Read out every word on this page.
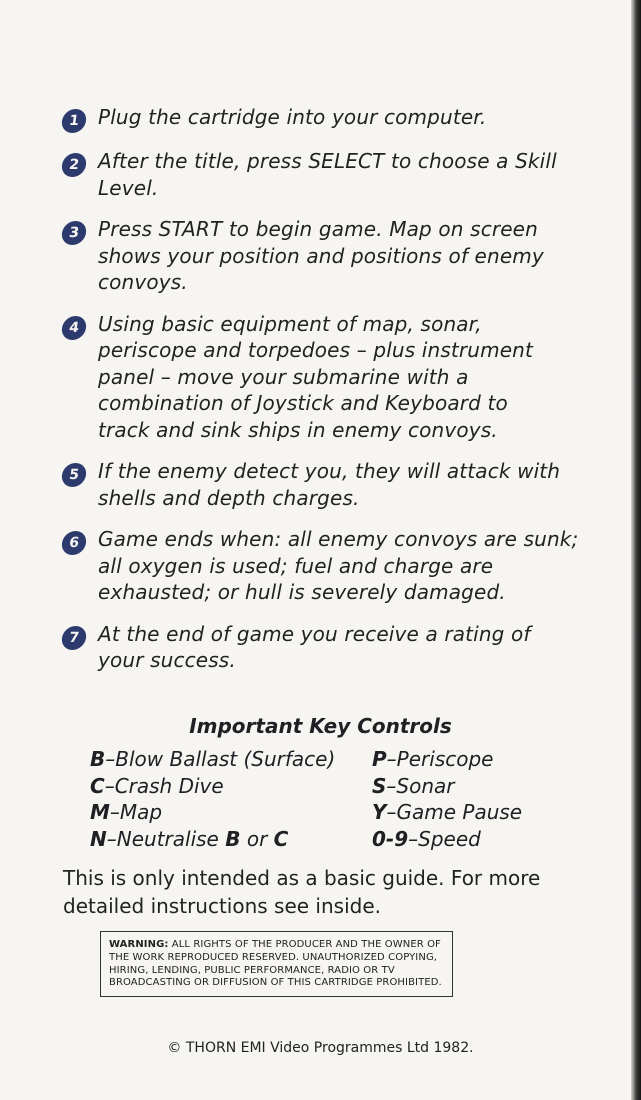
1 Plug the cartridge into your computer.
2 After the title, press SELECT to choose a Skill Level.
3 Press START to begin game. Map on screen shows your position and positions of enemy convoys.
4 Using basic equipment of map, sonar, periscope and torpedoes – plus instrument panel – move your submarine with a combination of Joystick and Keyboard to track and sink ships in enemy convoys.
5 If the enemy detect you, they will attack with shells and depth charges.
6 Game ends when: all enemy convoys are sunk; all oxygen is used; fuel and charge are exhausted; or hull is severely damaged.
7 At the end of game you receive a rating of your success.
Important Key Controls
B–Blow Ballast (Surface)	P–Periscope
C–Crash Dive	S–Sonar
M–Map	Y–Game Pause
N–Neutralise B or C	0-9–Speed
This is only intended as a basic guide. For more detailed instructions see inside.
WARNING: ALL RIGHTS OF THE PRODUCER AND THE OWNER OF THE WORK REPRODUCED RESERVED. UNAUTHORIZED COPYING, HIRING, LENDING, PUBLIC PERFORMANCE, RADIO OR TV BROADCASTING OR DIFFUSION OF THIS CARTRIDGE PROHIBITED.
© THORN EMI Video Programmes Ltd 1982.
